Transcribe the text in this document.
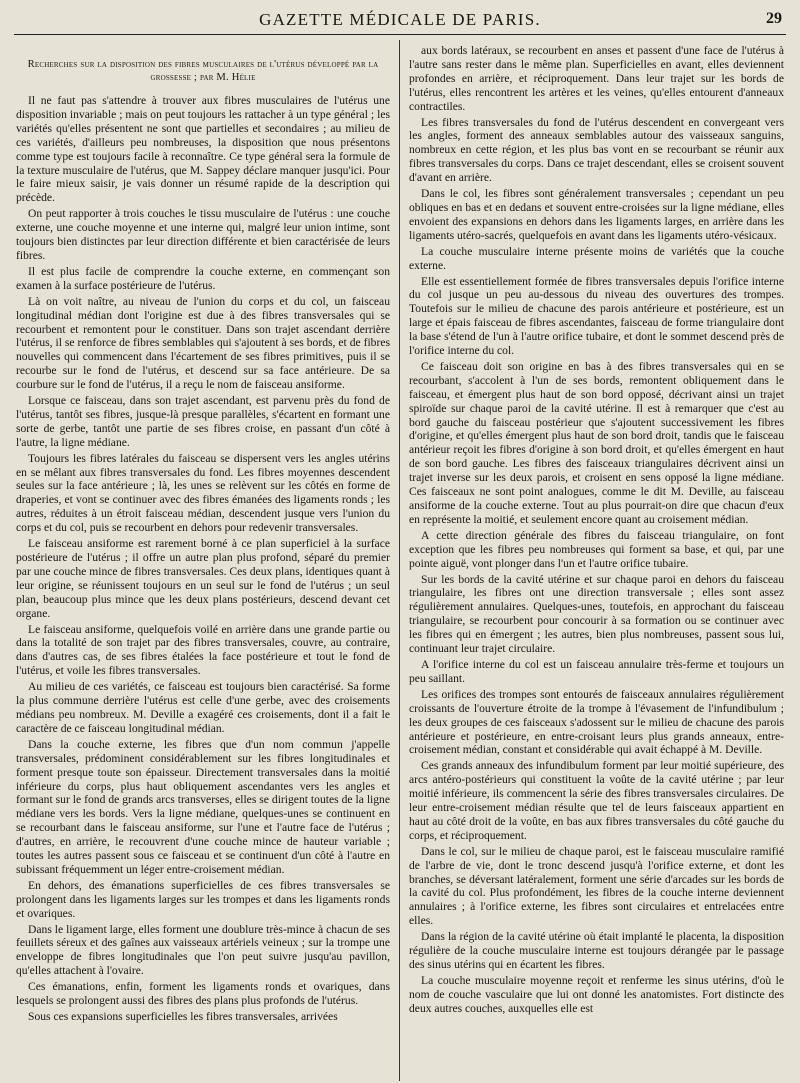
GAZETTE MÉDICALE DE PARIS.	29
Recherches sur la disposition des fibres musculaires de l'utérus développé par la grossesse ; par M. Hélie

Il ne faut pas s'attendre à trouver aux fibres musculaires de l'utérus une disposition invariable ; mais on peut toujours les rattacher à un type général ; les variétés qu'elles présentent ne sont que partielles et secondaires ; au milieu de ces variétés, d'ailleurs peu nombreuses, la disposition que nous présentons comme type est toujours facile à reconnaître. Ce type général sera la formule de la texture musculaire de l'utérus, que M. Sappey déclare manquer jusqu'ici. Pour le faire mieux saisir, je vais donner un résumé rapide de la description qui précède.

On peut rapporter à trois couches le tissu musculaire de l'utérus : une couche externe, une couche moyenne et une interne qui, malgré leur union intime, sont toujours bien distinctes par leur direction différente et bien caractérisée de leurs fibres.

Il est plus facile de comprendre la couche externe, en commençant son examen à la surface postérieure de l'utérus.

Là on voit naître, au niveau de l'union du corps et du col, un faisceau longitudinal médian dont l'origine est due à des fibres transversales qui se recourbent et remontent pour le constituer. Dans son trajet ascendant derrière l'utérus, il se renforce de fibres semblables qui s'ajoutent à ses bords, et de fibres nouvelles qui commencent dans l'écartement de ses fibres primitives, puis il se recourbe sur le fond de l'utérus, et descend sur sa face antérieure. De sa courbure sur le fond de l'utérus, il a reçu le nom de faisceau ansiforme.

Lorsque ce faisceau, dans son trajet ascendant, est parvenu près du fond de l'utérus, tantôt ses fibres, jusque-là presque parallèles, s'écartent en formant une sorte de gerbe, tantôt une partie de ses fibres croise, en passant d'un côté à l'autre, la ligne médiane.

Toujours les fibres latérales du faisceau se dispersent vers les angles utérins en se mêlant aux fibres transversales du fond. Les fibres moyennes descendent seules sur la face antérieure ; là, les unes se relèvent sur les côtés en forme de draperies, et vont se continuer avec des fibres émanées des ligaments ronds ; les autres, réduites à un étroit faisceau médian, descendent jusque vers l'union du corps et du col, puis se recourbent en dehors pour redevenir transversales.

Le faisceau ansiforme est rarement borné à ce plan superficiel à la surface postérieure de l'utérus ; il offre un autre plan plus profond, séparé du premier par une couche mince de fibres transversales. Ces deux plans, identiques quant à leur origine, se réunissent toujours en un seul sur le fond de l'utérus ; un seul plan, beaucoup plus mince que les deux plans postérieurs, descend devant cet organe.

Le faisceau ansiforme, quelquefois voilé en arrière dans une grande partie ou dans la totalité de son trajet par des fibres transversales, couvre, au contraire, dans d'autres cas, de ses fibres étalées la face postérieure et tout le fond de l'utérus, et voile les fibres transversales.

Au milieu de ces variétés, ce faisceau est toujours bien caractérisé. Sa forme la plus commune derrière l'utérus est celle d'une gerbe, avec des croisements médians peu nombreux. M. Deville a exagéré ces croisements, dont il a fait le caractère de ce faisceau longitudinal médian.

Dans la couche externe, les fibres que d'un nom commun j'appelle transversales, prédominent considérablement sur les fibres longitudinales et forment presque toute son épaisseur. Directement transversales dans la moitié inférieure du corps, plus haut obliquement ascendantes vers les angles et formant sur le fond de grands arcs transverses, elles se dirigent toutes de la ligne médiane vers les bords. Vers la ligne médiane, quelques-unes se continuent en se recourbant dans le faisceau ansiforme, sur l'une et l'autre face de l'utérus ; d'autres, en arrière, le recouvrent d'une couche mince de hauteur variable ; toutes les autres passent sous ce faisceau et se continuent d'un côté à l'autre en subissant fréquemment un léger entre-croisement médian.

En dehors, des émanations superficielles de ces fibres transversales se prolongent dans les ligaments larges sur les trompes et dans les ligaments ronds et ovariques.

Dans le ligament large, elles forment une doublure très-mince à chacun de ses feuillets séreux et des gaînes aux vaisseaux artériels veineux ; sur la trompe une enveloppe de fibres longitudinales que l'on peut suivre jusqu'au pavillon, qu'elles attachent à l'ovaire.

Ces émanations, enfin, forment les ligaments ronds et ovariques, dans lesquels se prolongent aussi des fibres des plans plus profonds de l'utérus.

Sous ces expansions superficielles les fibres transversales, arrivées

aux bords latéraux, se recourbent en anses et passent d'une face de l'utérus à l'autre sans rester dans le même plan. Superficielles en avant, elles deviennent profondes en arrière, et réciproquement. Dans leur trajet sur les bords de l'utérus, elles rencontrent les artères et les veines, qu'elles entourent d'anneaux contractiles.

Les fibres transversales du fond de l'utérus descendent en convergeant vers les angles, forment des anneaux semblables autour des vaisseaux sanguins, nombreux en cette région, et les plus bas vont en se recourbant se réunir aux fibres transversales du corps. Dans ce trajet descendant, elles se croisent souvent d'avant en arrière.

Dans le col, les fibres sont généralement transversales ; cependant un peu obliques en bas et en dedans et souvent entre-croisées sur la ligne médiane, elles envoient des expansions en dehors dans les ligaments larges, en arrière dans les ligaments utéro-sacrés, quelquefois en avant dans les ligaments utéro-vésicaux.

La couche musculaire interne présente moins de variétés que la couche externe.

Elle est essentiellement formée de fibres transversales depuis l'orifice interne du col jusque un peu au-dessous du niveau des ouvertures des trompes. Toutefois sur le milieu de chacune des parois antérieure et postérieure, est un large et épais faisceau de fibres ascendantes, faisceau de forme triangulaire dont la base s'étend de l'un à l'autre orifice tubaire, et dont le sommet descend près de l'orifice interne du col.

Ce faisceau doit son origine en bas à des fibres transversales qui en se recourbant, s'accolent à l'un de ses bords, remontent obliquement dans le faisceau, et émergent plus haut de son bord opposé, décrivant ainsi un trajet spiroïde sur chaque paroi de la cavité utérine. Il est à remarquer que c'est au bord gauche du faisceau postérieur que s'ajoutent successivement les fibres d'origine, et qu'elles émergent plus haut de son bord droit, tandis que le faisceau antérieur reçoit les fibres d'origine à son bord droit, et qu'elles émergent en haut de son bord gauche. Les fibres des faisceaux triangulaires décrivent ainsi un trajet inverse sur les deux parois, et croisent en sens opposé la ligne médiane. Ces faisceaux ne sont point analogues, comme le dit M. Deville, au faisceau ansiforme de la couche externe. Tout au plus pourrait-on dire que chacun d'eux en représente la moitié, et seulement encore quant au croisement médian.

A cette direction générale des fibres du faisceau triangulaire, on font exception que les fibres peu nombreuses qui forment sa base, et qui, par une pointe aiguë, vont plonger dans l'un et l'autre orifice tubaire.

Sur les bords de la cavité utérine et sur chaque paroi en dehors du faisceau triangulaire, les fibres ont une direction transversale ; elles sont assez régulièrement annulaires. Quelques-unes, toutefois, en approchant du faisceau triangulaire, se recourbent pour concourir à sa formation ou se continuer avec les fibres qui en émergent ; les autres, bien plus nombreuses, passent sous lui, continuant leur trajet circulaire.

A l'orifice interne du col est un faisceau annulaire très-ferme et toujours un peu saillant.

Les orifices des trompes sont entourés de faisceaux annulaires régulièrement croissants de l'ouverture étroite de la trompe à l'évasement de l'infundibulum ; les deux groupes de ces faisceaux s'adossent sur le milieu de chacune des parois antérieure et postérieure, en entre-croisant leurs plus grands anneaux, entre-croisement médian, constant et considérable qui avait échappé à M. Deville.

Ces grands anneaux des infundibulum forment par leur moitié supérieure, des arcs antéro-postérieurs qui constituent la voûte de la cavité utérine ; par leur moitié inférieure, ils commencent la série des fibres transversales circulaires. De leur entre-croisement médian résulte que tel de leurs faisceaux appartient en haut au côté droit de la voûte, en bas aux fibres transversales du côté gauche du corps, et réciproquement.

Dans le col, sur le milieu de chaque paroi, est le faisceau musculaire ramifié de l'arbre de vie, dont le tronc descend jusqu'à l'orifice externe, et dont les branches, se déversant latéralement, forment une série d'arcades sur les bords de la cavité du col. Plus profondément, les fibres de la couche interne deviennent annulaires ; à l'orifice externe, les fibres sont circulaires et entrelacées entre elles.

Dans la région de la cavité utérine où était implanté le placenta, la disposition régulière de la couche musculaire interne est toujours dérangée par le passage des sinus utérins qui en écartent les fibres.

La couche musculaire moyenne reçoit et renferme les sinus utérins, d'où le nom de couche vasculaire que lui ont donné les anatomistes. Fort distincte des deux autres couches, auxquelles elle est
